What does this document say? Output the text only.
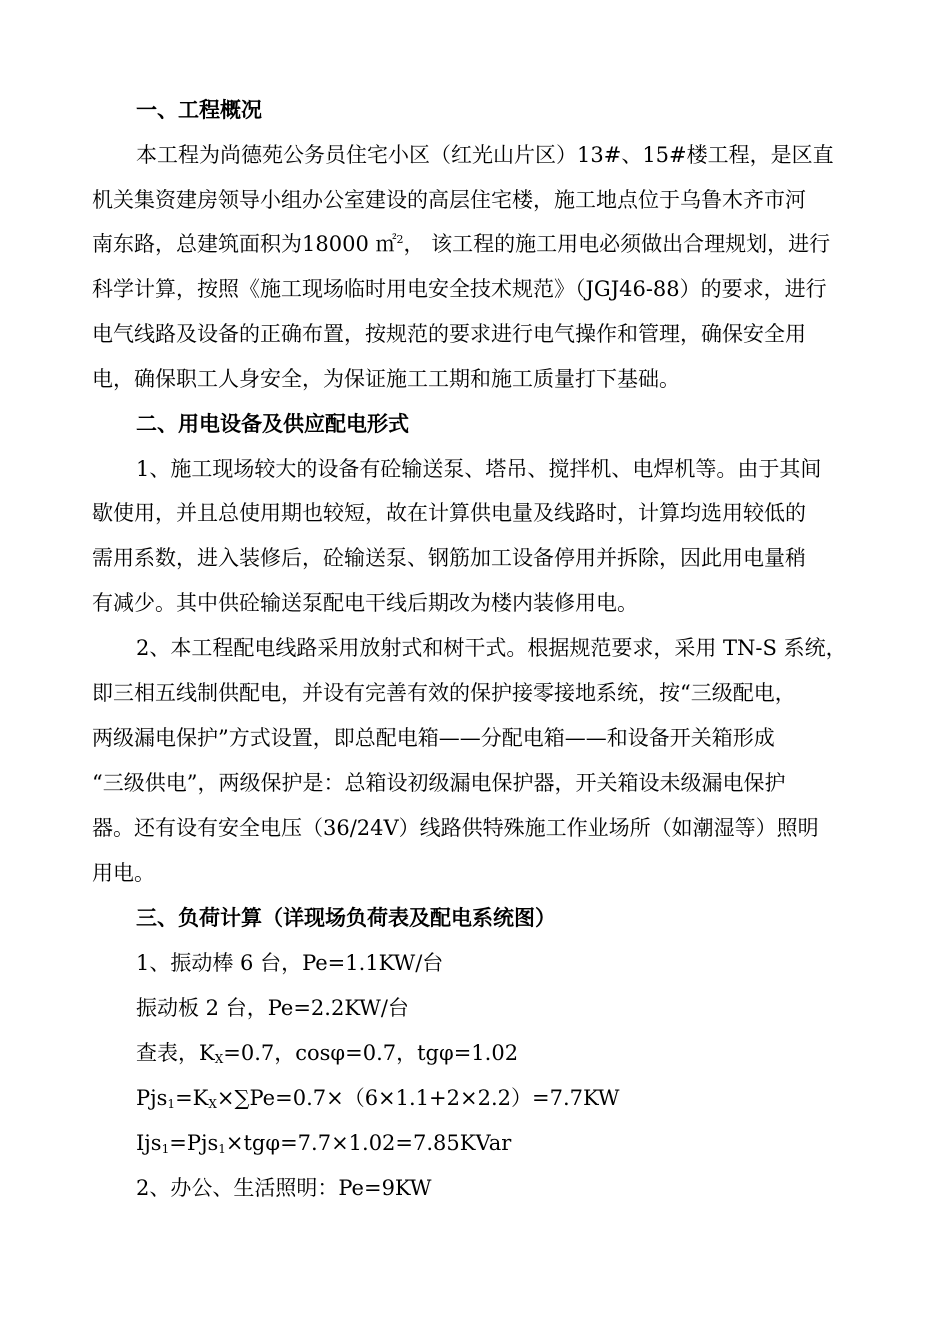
一、工程概况
本工程为尚德苑公务员住宅小区（红光山片区）13#、15#楼工程，是区直
机关集资建房领导小组办公室建设的高层住宅楼，施工地点位于乌鲁木齐市河
南东路，总建筑面积为18000 ㎡$^2$， 该工程的施工用电必须做出合理规划，进行
科学计算，按照《施工现场临时用电安全技术规范》（JGJ46-88）的要求，进行
电气线路及设备的正确布置，按规范的要求进行电气操作和管理，确保安全用
电，确保职工人身安全，为保证施工工期和施工质量打下基础。
二、用电设备及供应配电形式
1、施工现场较大的设备有砼输送泵、塔吊、搅拌机、电焊机等。由于其间
歇使用，并且总使用期也较短，故在计算供电量及线路时，计算均选用较低的
需用系数，进入装修后，砼输送泵、钢筋加工设备停用并拆除，因此用电量稍
有减少。其中供砼输送泵配电干线后期改为楼内装修用电。
2、本工程配电线路采用放射式和树干式。根据规范要求，采用 TN-S 系统，
即三相五线制供配电，并设有完善有效的保护接零接地系统，按“三级配电，
两级漏电保护”方式设置，即总配电箱——分配电箱——和设备开关箱形成
“三级供电”，两级保护是：总箱设初级漏电保护器，开关箱设未级漏电保护
器。还有设有安全电压（36/24V）线路供特殊施工作业场所（如潮湿等）照明
用电。
三、负荷计算（详现场负荷表及配电系统图）
1、振动棒 6 台，Pe=1.1KW/台
振动板 2 台，Pe=2.2KW/台
查表，$K_X=0.7$，cosφ=0.7，tgφ=1.02
$Pjs_1=K_X\times\sum Pe=0.7\times(6\times 1.1+2\times 2.2)=7.7KW$
Ijs$_1$=Pjs$_1$×tgφ=7.7×1.02=7.85KVar
2、办公、生活照明：Pe=9KW
